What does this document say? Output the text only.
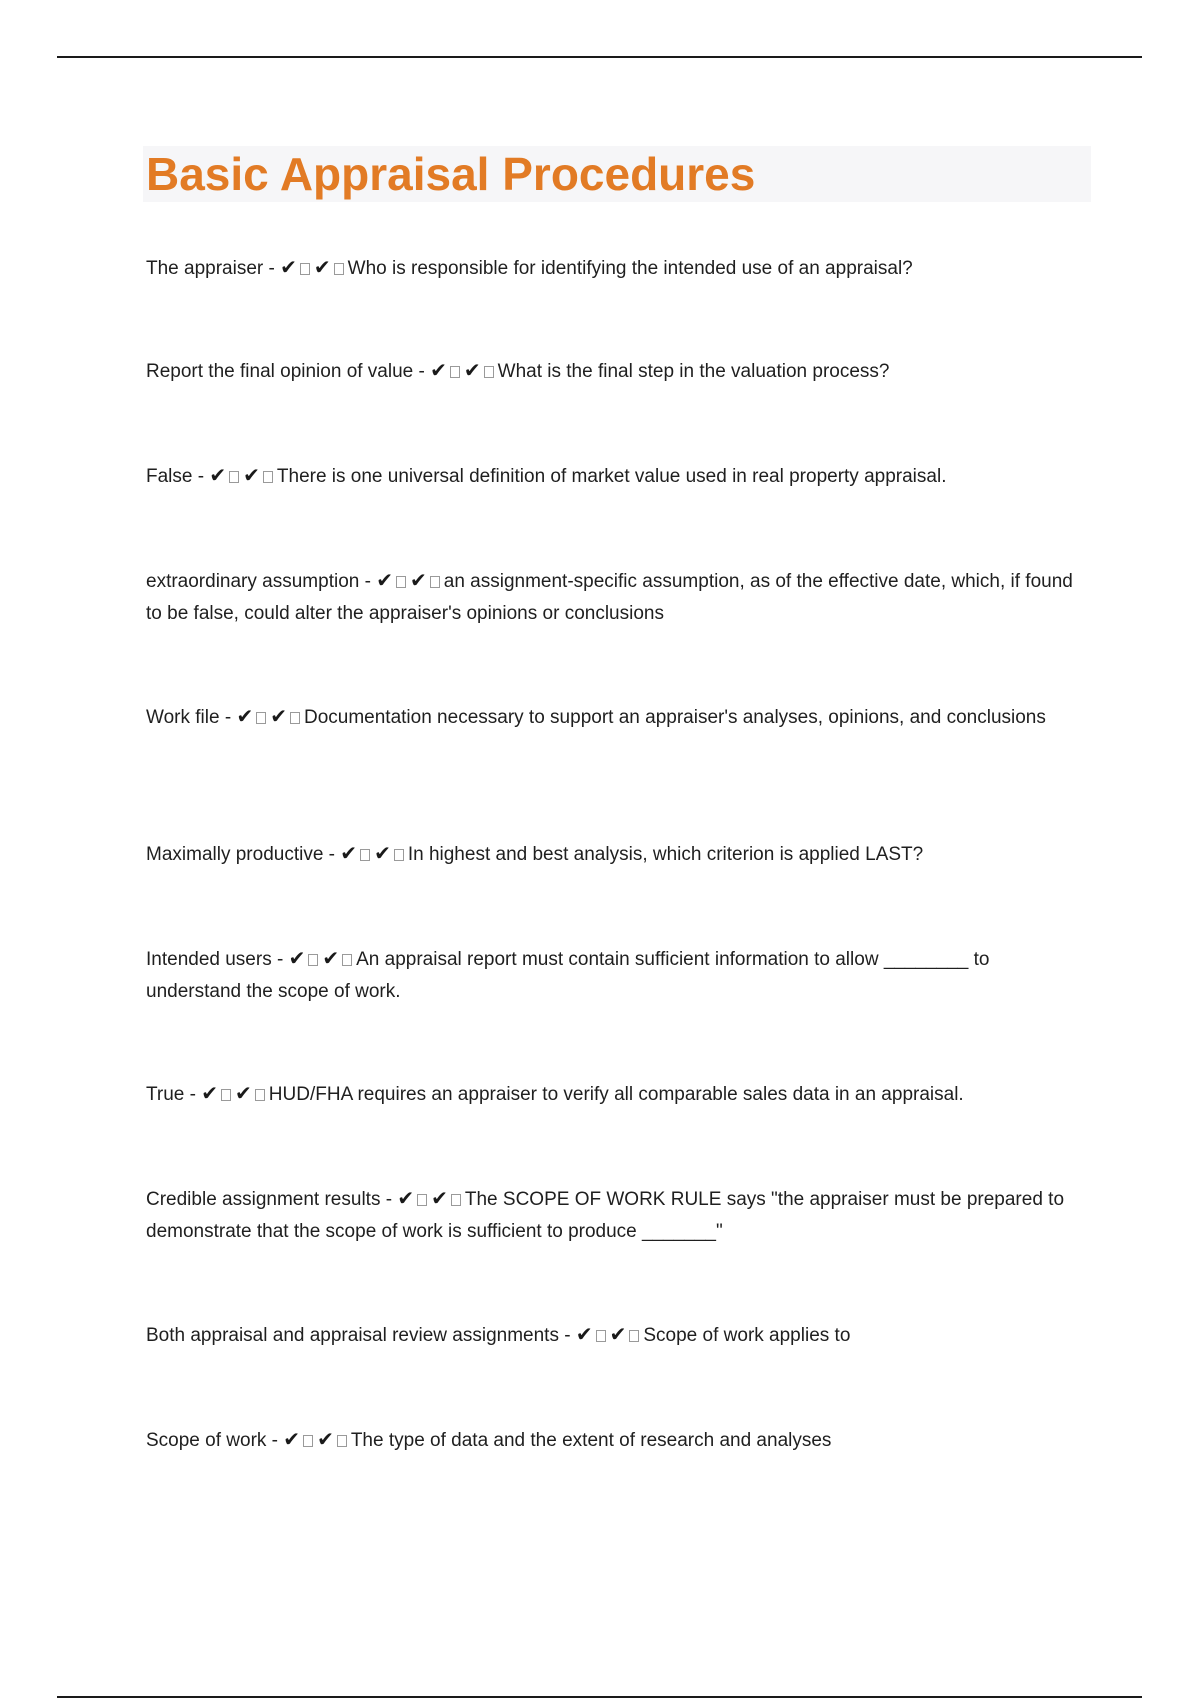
Basic Appraisal Procedures
The appraiser - ✔ ✔ Who is responsible for identifying the intended use of an appraisal?
Report the final opinion of value - ✔ ✔ What is the final step in the valuation process?
False - ✔ ✔ There is one universal definition of market value used in real property appraisal.
extraordinary assumption - ✔ ✔ an assignment-specific assumption, as of the effective date, which, if found to be false, could alter the appraiser's opinions or conclusions
Work file - ✔ ✔ Documentation necessary to support an appraiser's analyses, opinions, and conclusions
Maximally productive - ✔ ✔ In highest and best analysis, which criterion is applied LAST?
Intended users - ✔ ✔ An appraisal report must contain sufficient information to allow ________ to understand the scope of work.
True - ✔ ✔ HUD/FHA requires an appraiser to verify all comparable sales data in an appraisal.
Credible assignment results - ✔ ✔ The SCOPE OF WORK RULE says "the appraiser must be prepared to demonstrate that the scope of work is sufficient to produce _______"
Both appraisal and appraisal review assignments - ✔ ✔ Scope of work applies to
Scope of work - ✔ ✔ The type of data and the extent of research and analyses
